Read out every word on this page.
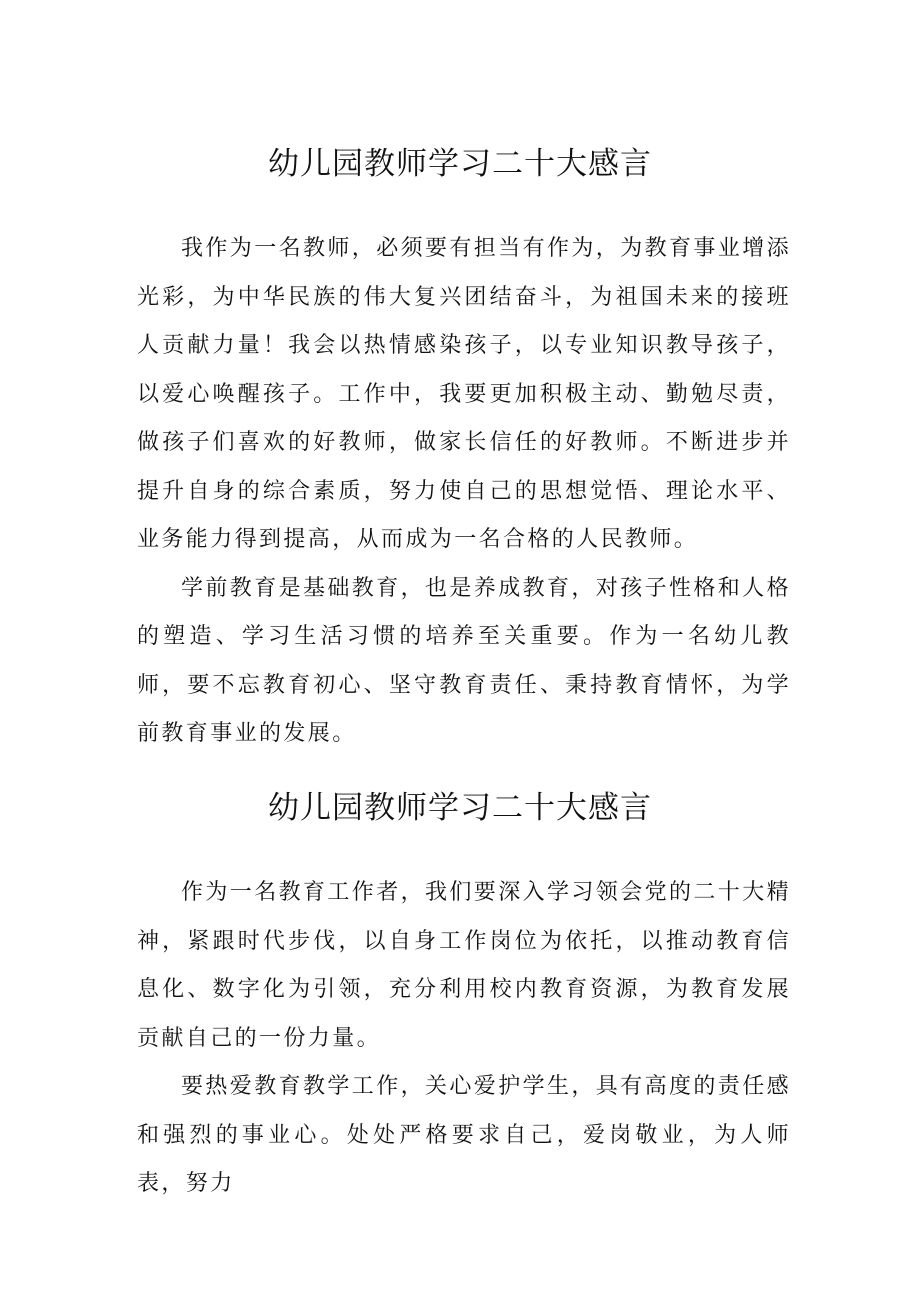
幼儿园教师学习二十大感言

我作为一名教师，必须要有担当有作为，为教育事业增添光彩，为中华民族的伟大复兴团结奋斗，为祖国未来的接班人贡献力量！我会以热情感染孩子，以专业知识教导孩子，以爱心唤醒孩子。工作中，我要更加积极主动、勤勉尽责，做孩子们喜欢的好教师，做家长信任的好教师。不断进步并提升自身的综合素质，努力使自己的思想觉悟、理论水平、业务能力得到提高，从而成为一名合格的人民教师。

学前教育是基础教育，也是养成教育，对孩子性格和人格的塑造、学习生活习惯的培养至关重要。作为一名幼儿教师，要不忘教育初心、坚守教育责任、秉持教育情怀，为学前教育事业的发展。

幼儿园教师学习二十大感言

作为一名教育工作者，我们要深入学习领会党的二十大精神，紧跟时代步伐，以自身工作岗位为依托，以推动教育信息化、数字化为引领，充分利用校内教育资源，为教育发展贡献自己的一份力量。

要热爱教育教学工作，关心爱护学生，具有高度的责任感和强烈的事业心。处处严格要求自己，爱岗敬业，为人师表，努力
